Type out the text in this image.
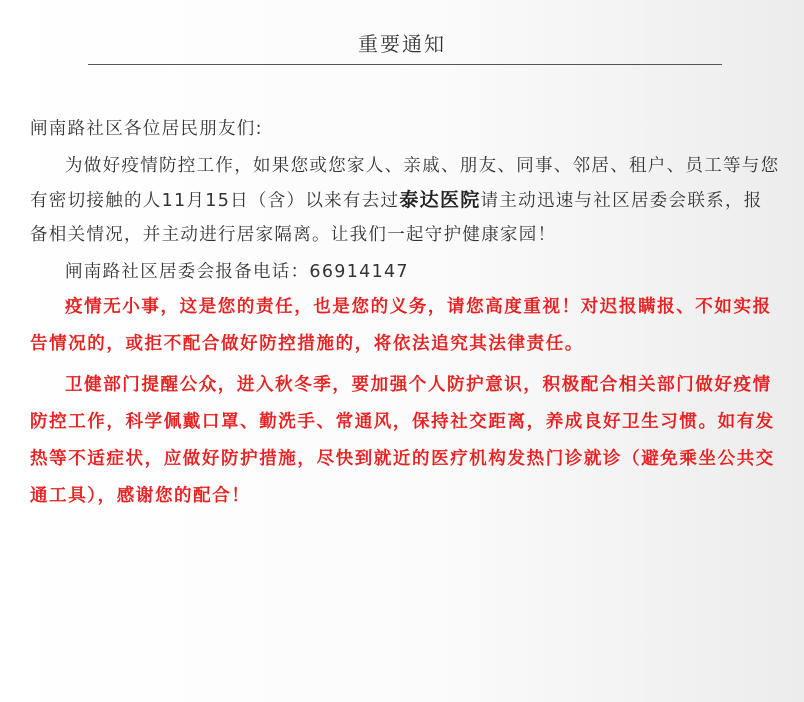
重要通知

闸南路社区各位居民朋友们:

为做好疫情防控工作，如果您或您家人、亲戚、朋友、同事、邻居、租户、员工等与您有密切接触的人11月15日（含）以来有去过泰达医院请主动迅速与社区居委会联系，报备相关情况，并主动进行居家隔离。让我们一起守护健康家园！

闸南路社区居委会报备电话：66914147

疫情无小事，这是您的责任，也是您的义务，请您高度重视！对迟报瞒报、不如实报告情况的，或拒不配合做好防控措施的，将依法追究其法律责任。

卫健部门提醒公众，进入秋冬季，要加强个人防护意识，积极配合相关部门做好疫情防控工作，科学佩戴口罩、勤洗手、常通风，保持社交距离，养成良好卫生习惯。如有发热等不适症状，应做好防护措施，尽快到就近的医疗机构发热门诊就诊（避免乘坐公共交通工具），感谢您的配合！
